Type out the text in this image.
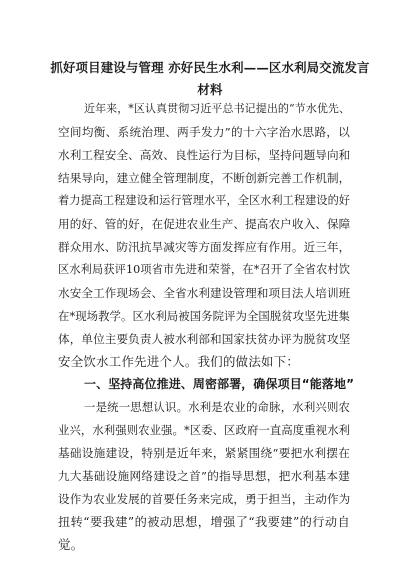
抓好项目建设与管理 亦好民生水利——区水利局交流发言
材料
近年来，*区认真贯彻习近平总书记提出的“节水优先、
空间均衡、系统治理、两手发力”的十六字治水思路，以
水利工程安全、高效、良性运行为目标，坚持问题导向和
结果导向，建立健全管理制度，不断创新完善工作机制，
着力提高工程建设和运行管理水平，全区水利工程建设的好
用的好、管的好，在促进农业生产、提高农户收入、保障
群众用水、防汛抗旱减灾等方面发挥应有作用。近三年，
区水利局获评10项省市先进和荣誉，在*召开了全省农村饮
水安全工作现场会、全省水利建设管理和项目法人培训班
在*现场教学。区水利局被国务院评为全国脱贫攻坚先进集
体，单位主要负责人被水利部和国家扶贫办评为脱贫攻坚
安全饮水工作先进个人。我们的做法如下：
一、坚持高位推进、周密部署，确保项目“能落地”
一是统一思想认识。水利是农业的命脉，水利兴则农
业兴，水利强则农业强。*区委、区政府一直高度重视水利
基础设施建设，特别是近年来，紧紧围绕“要把水利摆在
九大基础设施网络建设之首”的指导思想，把水利基本建
设作为农业发展的首要任务来完成，勇于担当，主动作为
扭转“要我建”的被动思想，增强了“我要建”的行动自
觉。
